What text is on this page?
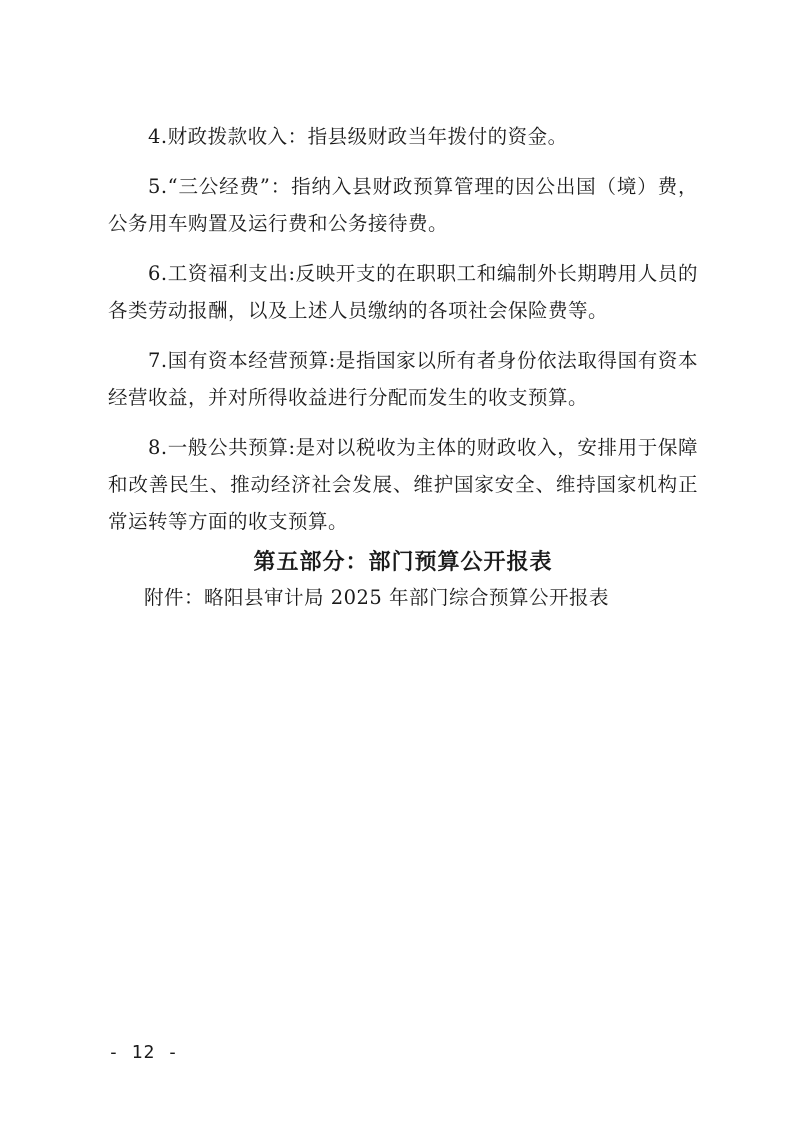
4.财政拨款收入：指县级财政当年拨付的资金。

5.“三公经费”：指纳入县财政预算管理的因公出国（境）费，公务用车购置及运行费和公务接待费。

6.工资福利支出:反映开支的在职职工和编制外长期聘用人员的各类劳动报酬，以及上述人员缴纳的各项社会保险费等。

7.国有资本经营预算:是指国家以所有者身份依法取得国有资本经营收益，并对所得收益进行分配而发生的收支预算。

8.一般公共预算:是对以税收为主体的财政收入，安排用于保障和改善民生、推动经济社会发展、维护国家安全、维持国家机构正常运转等方面的收支预算。

第五部分：部门预算公开报表

附件：略阳县审计局 2025 年部门综合预算公开报表

- 12 -
